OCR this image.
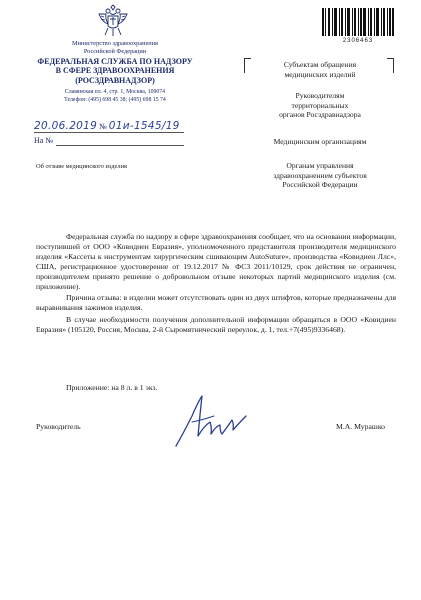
Министерство здравоохранения
Российской Федерации
ФЕДЕРАЛЬНАЯ СЛУЖБА ПО НАДЗОРУ
В СФЕРЕ ЗДРАВООХРАНЕНИЯ
(РОСЗДРАВНАДЗОР)
Славянская пл. 4, стр. 1, Москва, 109074
Телефон: (495) 698 45 38; (495) 698 15 74
20.06.2019 № 01и-1545/19
На №
Об отзыве медицинского изделия
2306463
Субъектам обращения
медицинских изделий
Руководителям
территориальных
органов Росздравнадзора
Медицинским организациям
Органам управления
здравоохранением субъектов
Российской Федерации

Федеральная служба по надзору в сфере здравоохранения сообщает, что на основании информации, поступившей от ООО «Ковидиен Евразия», уполномоченного представителя производителя медицинского изделия «Кассеты к инструментам хирургическим сшивающим AutoSuture», производства «Ковидиен Ллс», США, регистрационное удостоверение от 19.12.2017 № ФСЗ 2011/10129, срок действия не ограничен, производителем принято решение о добровольном отзыве некоторых партий медицинского изделия (см. приложение).

Причина отзыва: в изделии может отсутствовать один из двух штифтов, которые предназначены для выравнивания зажимов изделия.

В случае необходимости получения дополнительной информации обращаться в ООО «Ковидиен Евразия» (105120, Россия, Москва, 2-й Сыромятнический переулок, д. 1, тел.+7(495)9336468).

Приложение: на 8 л. в 1 экз.
Руководитель	М.А. Мурашко
